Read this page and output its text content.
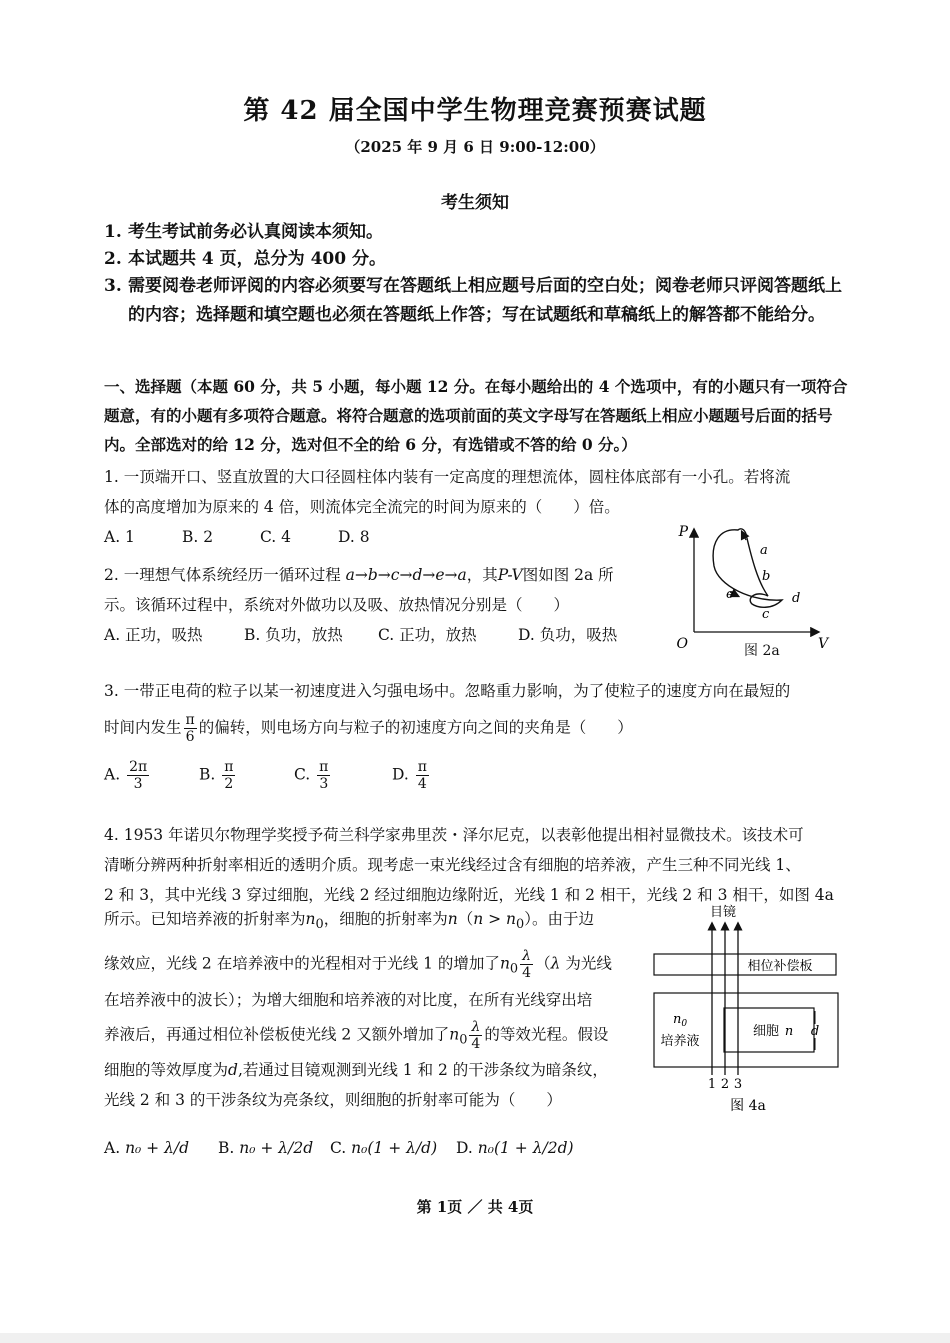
第 42 届全国中学生物理竞赛预赛试题
（2025 年 9 月 6 日 9:00-12:00）
考生须知
1. 考生考试前务必认真阅读本须知。
2. 本试题共 4 页，总分为 400 分。
3. 需要阅卷老师评阅的内容必须要写在答题纸上相应题号后面的空白处；阅卷老师只评阅答题纸上的内容；选择题和填空题也必须在答题纸上作答；写在试题纸和草稿纸上的解答都不能给分。
一、选择题（本题 60 分，共 5 小题，每小题 12 分。在每小题给出的 4 个选项中，有的小题只有一项符合题意，有的小题有多项符合题意。将符合题意的选项前面的英文字母写在答题纸上相应小题题号后面的括号内。全部选对的给 12 分，选对但不全的给 6 分，有选错或不答的给 0 分。）
1. 一顶端开口、竖直放置的大口径圆柱体内装有一定高度的理想流体，圆柱体底部有一小孔。若将流
体的高度增加为原来的 4 倍，则流体完全流完的时间为原来的（　　）倍。
A. 1	B. 2	C. 4	D. 8
2. 一理想气体系统经历一循环过程 a→b→c→d→e→a，其P-V图如图 2a 所
示。该循环过程中，系统对外做功以及吸、放热情况分别是（　　）
A. 正功，吸热	B. 负功，放热	C. 正功，放热	D. 负功，吸热
P
V
O
a
b
c
d
e
图 2a
3. 一带正电荷的粒子以某一初速度进入匀强电场中。忽略重力影响，为了使粒子的速度方向在最短的
时间内发生 $\frac{\pi}{6}$ 的偏转，则电场方向与粒子的初速度方向之间的夹角是（　　）
A. $\frac{2\pi}{3}$	B. $\frac{\pi}{2}$	C. $\frac{\pi}{3}$	D. $\frac{\pi}{4}$
4. 1953 年诺贝尔物理学奖授予荷兰科学家弗里茨・泽尔尼克，以表彰他提出相衬显微技术。该技术可
清晰分辨两种折射率相近的透明介质。现考虑一束光线经过含有细胞的培养液，产生三种不同光线 1、
2 和 3，其中光线 3 穿过细胞，光线 2 经过细胞边缘附近，光线 1 和 2 相干，光线 2 和 3 相干，如图 4a
所示。已知培养液的折射率为$n_0$，细胞的折射率为$n(n > n_0)$。由于边
缘效应，光线 2 在培养液中的光程相对于光线 1 的增加了$n_0 \frac{\lambda}{4} (\lambda$ 为光线
在培养液中的波长）；为增大细胞和培养液的对比度，在所有光线穿出培
养液后，再通过相位补偿板使光线 2 又额外增加了$n_0 \frac{\lambda}{4}$ 的等效光程。假设
细胞的等效厚度为d,若通过目镜观测到光线 1 和 2 的干涉条纹为暗条纹，
光线 2 和 3 的干涉条纹为亮条纹，则细胞的折射率可能为（　　）
目镜
相位补偿板
$n_0$
培养液
细胞 n d
1 2 3
图 4a
A. n₀ + λ/d	B. n₀ + λ/2d	C. n₀(1 + λ/d)	D. n₀(1 + λ/2d)
第 1页 ／ 共 4页
